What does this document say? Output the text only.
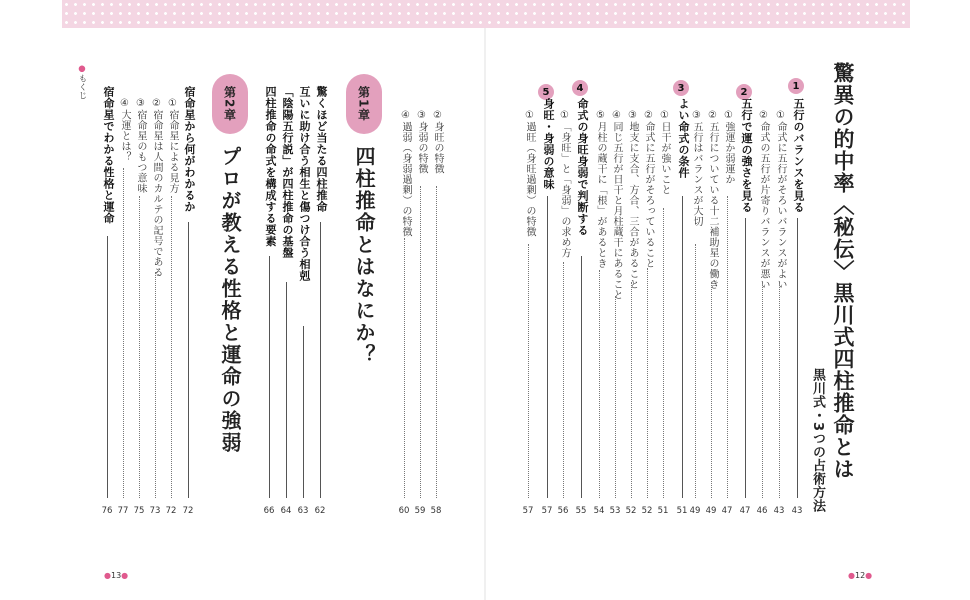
●もくじ	驚異の的中率〈秘伝〉黒川式四柱推命とは
黒川式・3つの占術方法
1
五行のバランスを見る
43
①命式に五行がそろいバランスがよい
43
②命式の五行が片寄りバランスが悪い
46
2
五行で運の強さを見る
47
①強運か弱運か
47
②五行についている十二補助星の働き
49
③五行はバランスが大切
49
3
よい命式の条件
51
①日干が強いこと
51
②命式に五行がそろっていること
52
③地支に支合、方合、三合があること
52
④同じ五行が日干と月柱蔵干にあること
53
⑤月柱の蔵干に「根」があるとき
54
4
命式の身旺身弱で判断する
55
①「身旺」と「身弱」の求め方
56
5
身旺・身弱の意味
57
①過旺（身旺過剰）の特徴
57
●12●
②身旺の特徴
58
③身弱の特徴
59
④過弱（身弱過剰）の特徴
60
第1章
四柱推命とはなにか？
驚くほど当たる四柱推命
62
互いに助け合う相生と傷つけ合う相剋
63
「陰陽五行説」が四柱推命の基盤
64
四柱推命の命式を構成する要素
66
第2章
プロが教える性格と運命の強弱
宿命星から何がわかるか
72
①宿命星による見方
72
②宿命星は人間のカルテの記号である
73
③宿命星のもつ意味
75
④大運とは？
77
宿命星でわかる性格と運命
76
●13●
